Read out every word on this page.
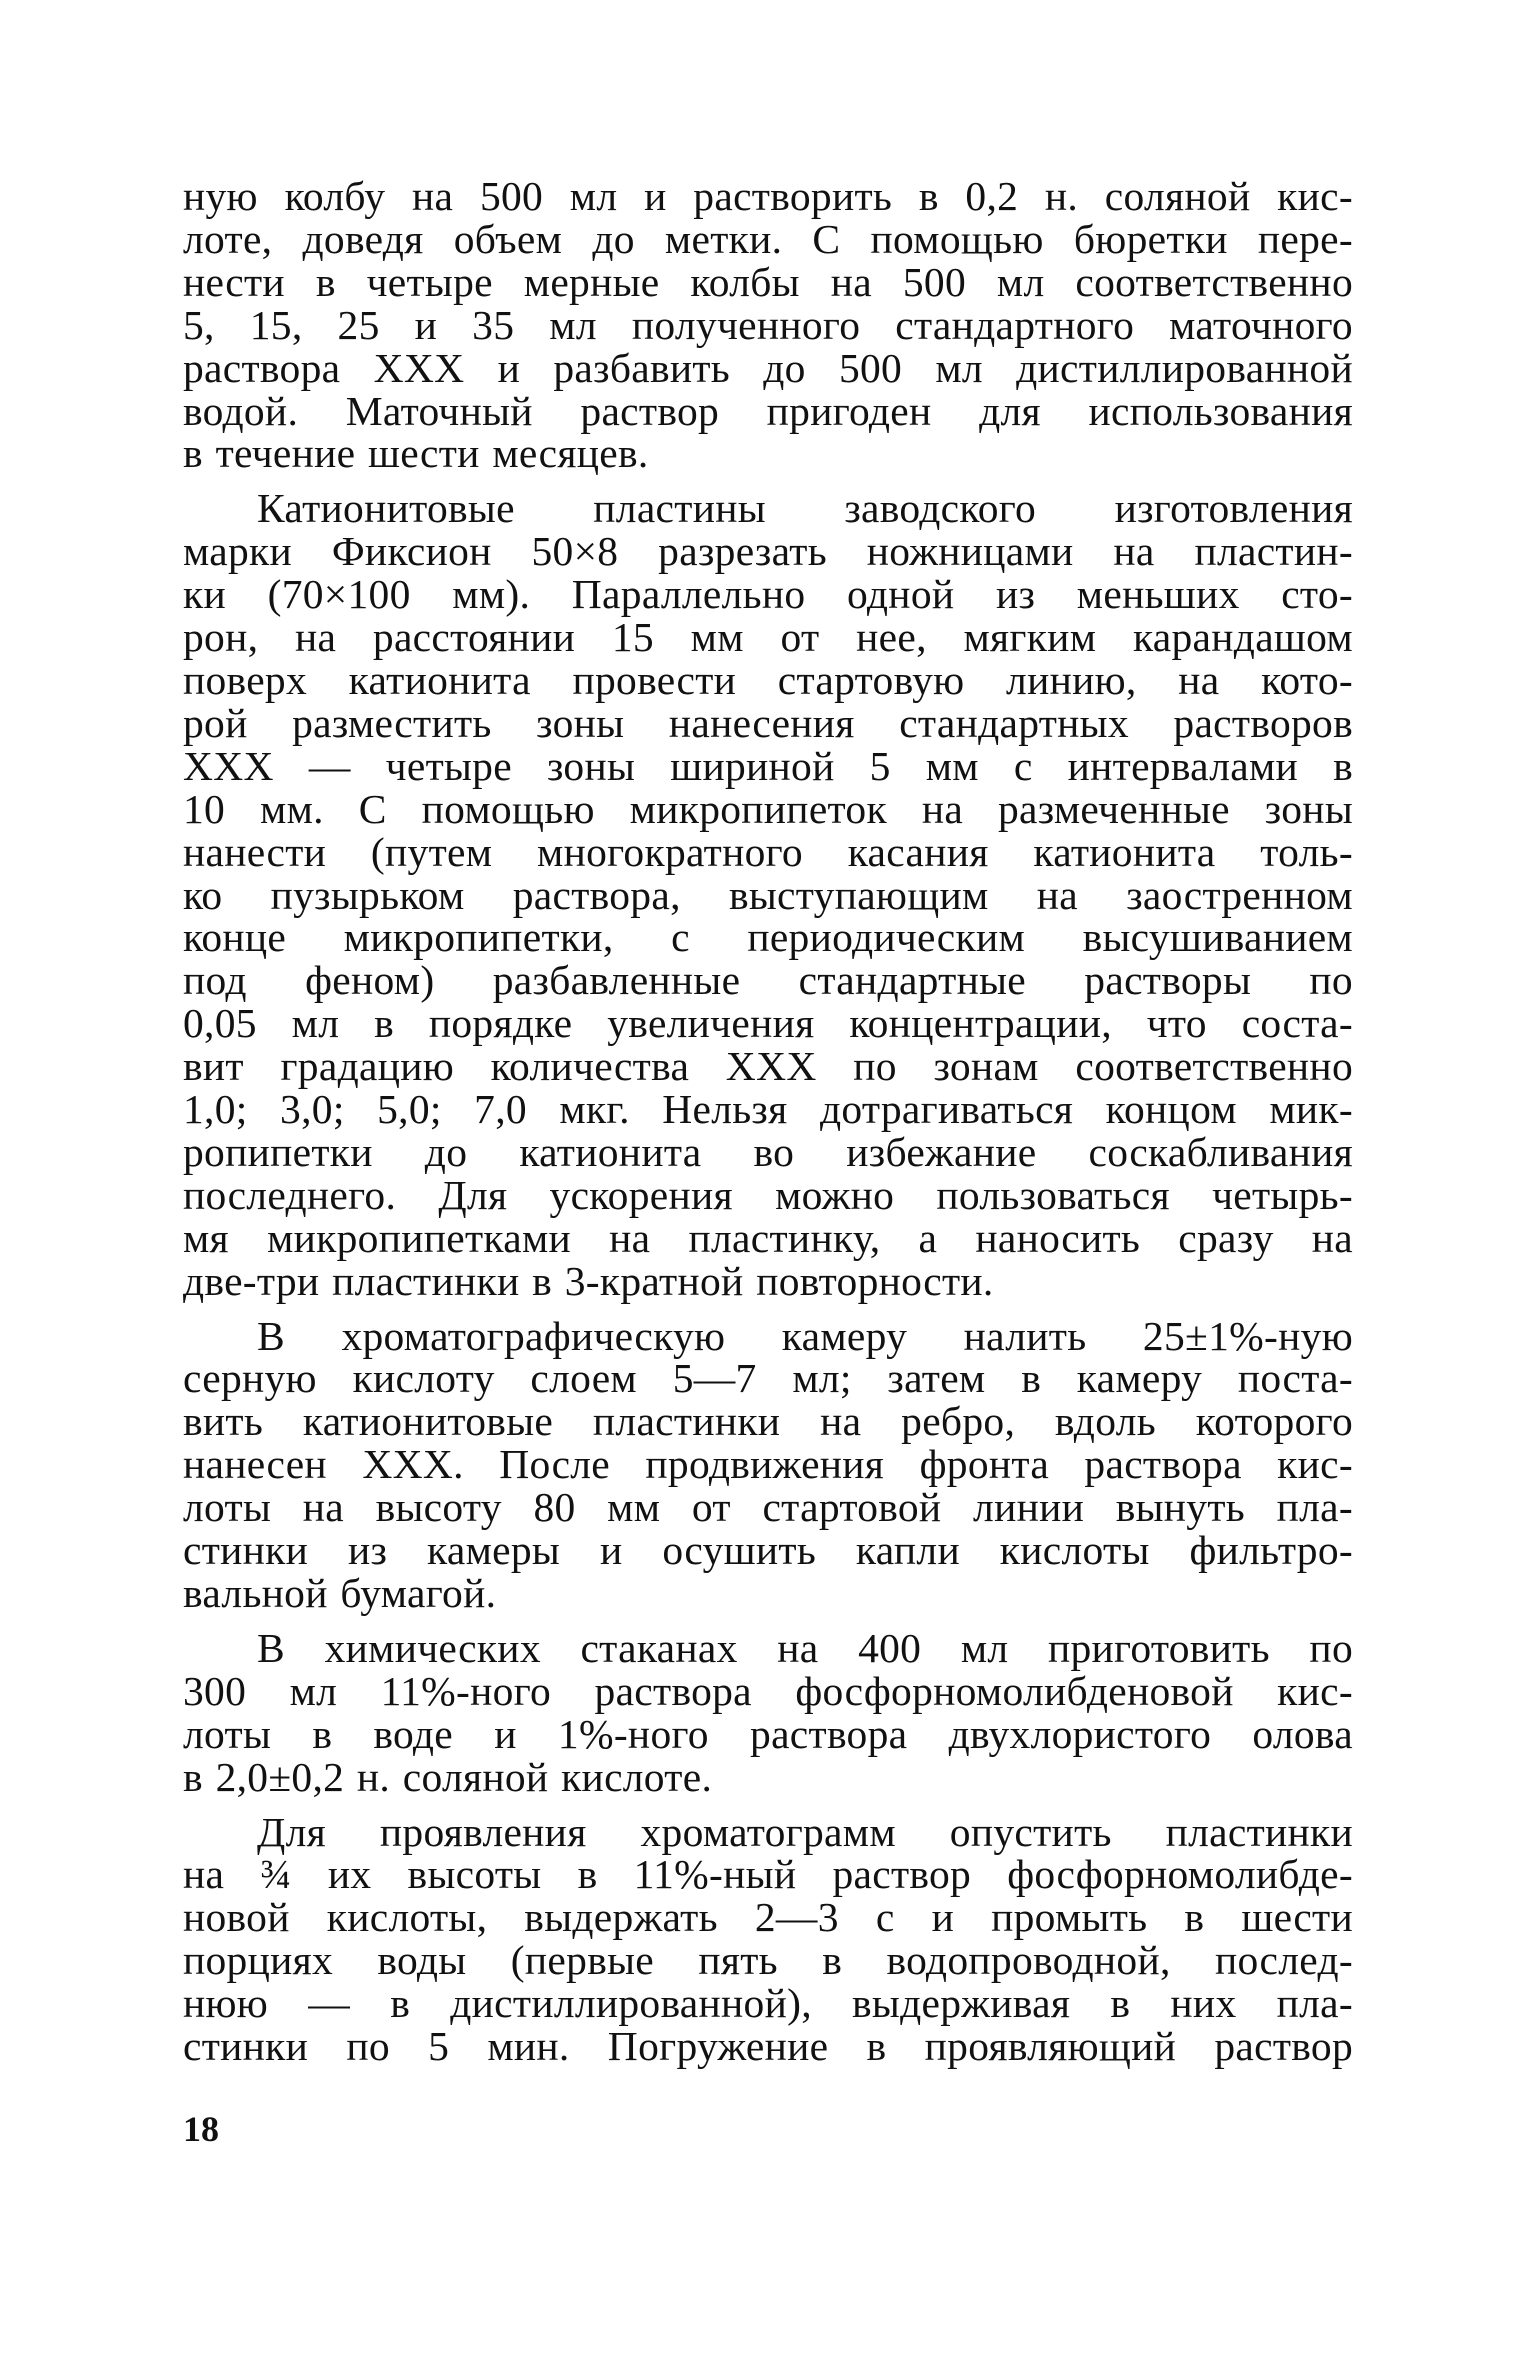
ную колбу на 500 мл и растворить в 0,2 н. соляной кис-
лоте, доведя объем до метки. С помощью бюретки пере-
нести в четыре мерные колбы на 500 мл соответственно
5, 15, 25 и 35 мл полученного стандартного маточного
раствора XXX и разбавить до 500 мл дистиллированной
водой. Маточный раствор пригоден для использования
в течение шести месяцев.

Катионитовые пластины заводского изготовления
марки Фиксион 50×8 разрезать ножницами на пластин-
ки (70×100 мм). Параллельно одной из меньших сто-
рон, на расстоянии 15 мм от нее, мягким карандашом
поверх катионита провести стартовую линию, на кото-
рой разместить зоны нанесения стандартных растворов
XXX — четыре зоны шириной 5 мм с интервалами в
10 мм. С помощью микропипеток на размеченные зоны
нанести (путем многократного касания катионита толь-
ко пузырьком раствора, выступающим на заостренном
конце микропипетки, с периодическим высушиванием
под феном) разбавленные стандартные растворы по
0,05 мл в порядке увеличения концентрации, что соста-
вит градацию количества XXX по зонам соответственно
1,0; 3,0; 5,0; 7,0 мкг. Нельзя дотрагиваться концом мик-
ропипетки до катионита во избежание соскабливания
последнего. Для ускорения можно пользоваться четырь-
мя микропипетками на пластинку, а наносить сразу на
две-три пластинки в 3-кратной повторности.

В хроматографическую камеру налить 25±1%-ную
серную кислоту слоем 5—7 мл; затем в камеру поста-
вить катионитовые пластинки на ребро, вдоль которого
нанесен XXX. После продвижения фронта раствора кис-
лоты на высоту 80 мм от стартовой линии вынуть пла-
стинки из камеры и осушить капли кислоты фильтро-
вальной бумагой.

В химических стаканах на 400 мл приготовить по
300 мл 11%-ного раствора фосфорномолибденовой кис-
лоты в воде и 1%-ного раствора двухлористого олова
в 2,0±0,2 н. соляной кислоте.

Для проявления хроматограмм опустить пластинки
на ¾ их высоты в 11%-ный раствор фосфорномолибде-
новой кислоты, выдержать 2—3 с и промыть в шести
порциях воды (первые пять в водопроводной, послед-
нюю — в дистиллированной), выдерживая в них пла-
стинки по 5 мин. Погружение в проявляющий раствор

18
